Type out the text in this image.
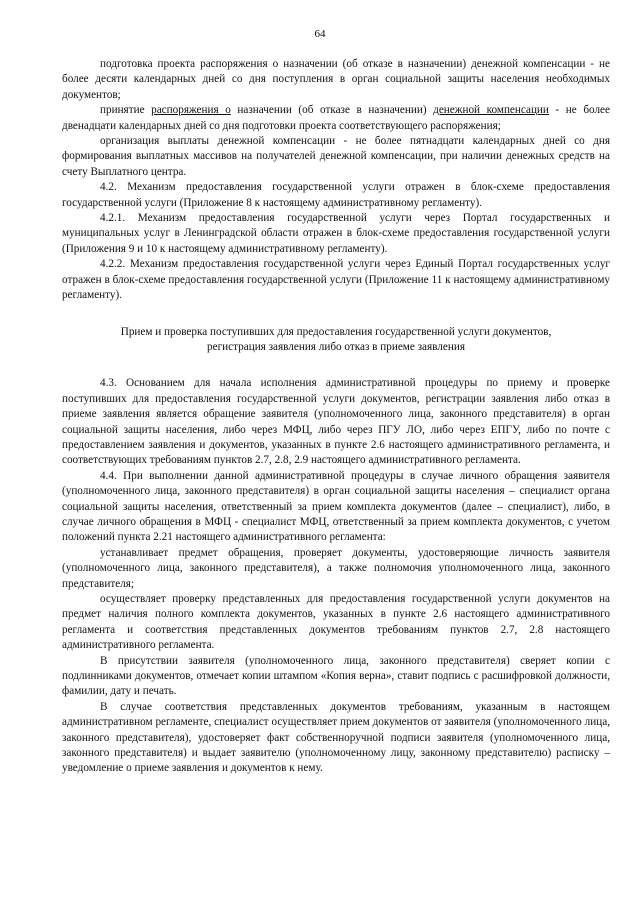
64

подготовка проекта распоряжения о назначении (об отказе в назначении) денежной компенсации - не более десяти календарных дней со дня поступления в орган социальной защиты населения необходимых документов;

принятие распоряжения о назначении (об отказе в назначении) денежной компенсации - не более двенадцати календарных дней со дня подготовки проекта соответствующего распоряжения;

организация выплаты денежной компенсации - не более пятнадцати календарных дней со дня формирования выплатных массивов на получателей денежной компенсации, при наличии денежных средств на счету Выплатного центра.

4.2. Механизм предоставления государственной услуги отражен в блок-схеме предоставления государственной услуги (Приложение 8 к настоящему административному регламенту).

4.2.1. Механизм предоставления государственной услуги через Портал государственных и муниципальных услуг в Ленинградской области отражен в блок-схеме предоставления государственной услуги (Приложения 9 и 10 к настоящему административному регламенту).

4.2.2. Механизм предоставления государственной услуги через Единый Портал государственных услуг отражен в блок-схеме предоставления государственной услуги (Приложение 11 к настоящему административному регламенту).

Прием и проверка поступивших для предоставления государственной услуги документов,
регистрация заявления либо отказ в приеме заявления

4.3. Основанием для начала исполнения административной процедуры по приему и проверке поступивших для предоставления государственной услуги документов, регистрации заявления либо отказ в приеме заявления является обращение заявителя (уполномоченного лица, законного представителя) в орган социальной защиты населения, либо через МФЦ, либо через ПГУ ЛО, либо через ЕПГУ, либо по почте с предоставлением заявления и документов, указанных в пункте 2.6 настоящего административного регламента, и соответствующих требованиям пунктов 2.7, 2.8, 2.9 настоящего административного регламента.

4.4. При выполнении данной административной процедуры в случае личного обращения заявителя (уполномоченного лица, законного представителя) в орган социальной защиты населения – специалист органа социальной защиты населения, ответственный за прием комплекта документов (далее – специалист), либо, в случае личного обращения в МФЦ - специалист МФЦ, ответственный за прием комплекта документов, с учетом положений пункта 2.21 настоящего административного регламента:

устанавливает предмет обращения, проверяет документы, удостоверяющие личность заявителя (уполномоченного лица, законного представителя), а также полномочия уполномоченного лица, законного представителя;

осуществляет проверку представленных для предоставления государственной услуги документов на предмет наличия полного комплекта документов, указанных в пункте 2.6 настоящего административного регламента и соответствия представленных документов требованиям пунктов 2.7, 2.8 настоящего административного регламента.

В присутствии заявителя (уполномоченного лица, законного представителя) сверяет копии с подлинниками документов, отмечает копии штампом «Копия верна», ставит подпись с расшифровкой должности, фамилии, дату и печать.

В случае соответствия представленных документов требованиям, указанным в настоящем административном регламенте, специалист осуществляет прием документов от заявителя (уполномоченного лица, законного представителя), удостоверяет факт собственноручной подписи заявителя (уполномоченного лица, законного представителя) и выдает заявителю (уполномоченному лицу, законному представителю) расписку – уведомление о приеме заявления и документов к нему.
